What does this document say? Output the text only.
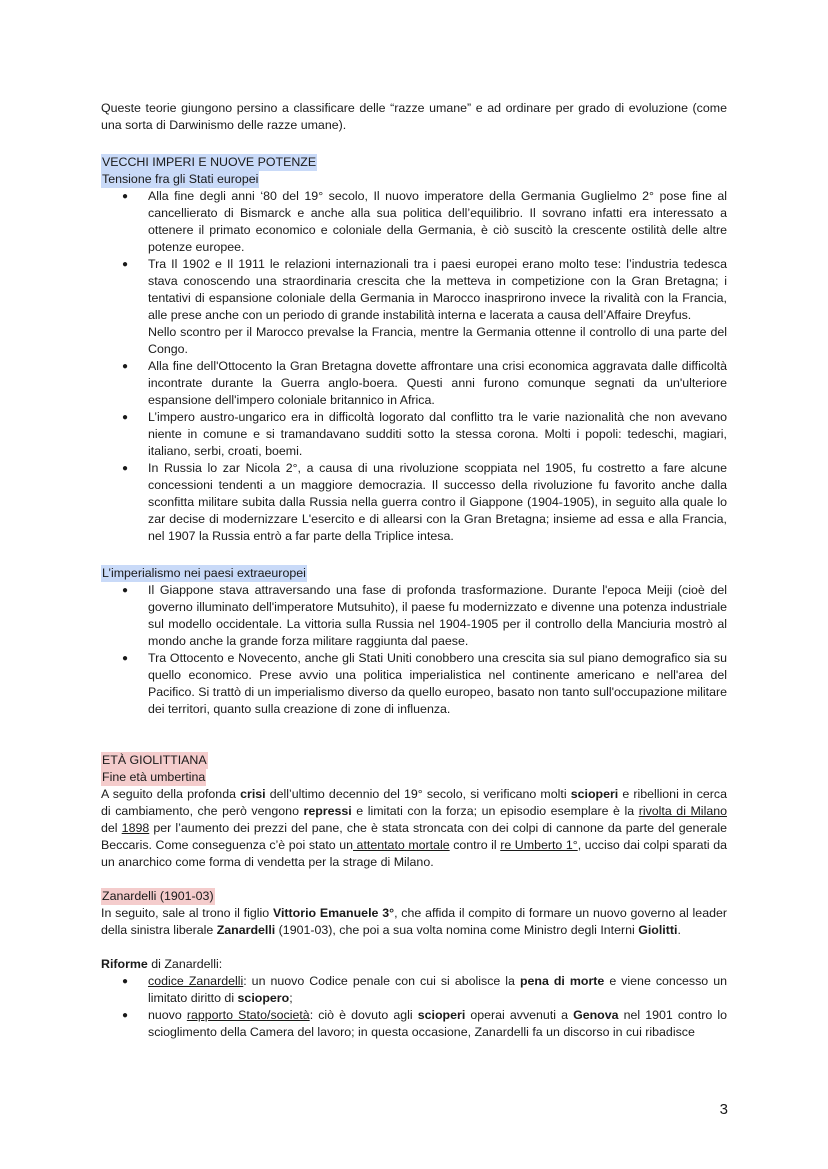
Queste teorie giungono persino a classificare delle “razze umane” e ad ordinare per grado di evoluzione (come una sorta di Darwinismo delle razze umane).

VECCHI IMPERI E NUOVE POTENZE
Tensione fra gli Stati europei
● Alla fine degli anni ‘80 del 19° secolo, Il nuovo imperatore della Germania Guglielmo 2° pose fine al cancellierato di Bismarck e anche alla sua politica dell’equilibrio. Il sovrano infatti era interessato a ottenere il primato economico e coloniale della Germania, è ciò suscitò la crescente ostilità delle altre potenze europee.
● Tra Il 1902 e Il 1911 le relazioni internazionali tra i paesi europei erano molto tese: l’industria tedesca stava conoscendo una straordinaria crescita che la metteva in competizione con la Gran Bretagna; i tentativi di espansione coloniale della Germania in Marocco inasprirono invece la rivalità con la Francia, alle prese anche con un periodo di grande instabilità interna e lacerata a causa dell’Affaire Dreyfus.
Nello scontro per il Marocco prevalse la Francia, mentre la Germania ottenne il controllo di una parte del Congo.
● Alla fine dell'Ottocento la Gran Bretagna dovette affrontare una crisi economica aggravata dalle difficoltà incontrate durante la Guerra anglo-boera. Questi anni furono comunque segnati da un'ulteriore espansione dell'impero coloniale britannico in Africa.
● L’impero austro-ungarico era in difficoltà logorato dal conflitto tra le varie nazionalità che non avevano niente in comune e si tramandavano sudditi sotto la stessa corona. Molti i popoli: tedeschi, magiari, italiano, serbi, croati, boemi.
● In Russia lo zar Nicola 2°, a causa di una rivoluzione scoppiata nel 1905, fu costretto a fare alcune concessioni tendenti a un maggiore democrazia. Il successo della rivoluzione fu favorito anche dalla sconfitta militare subita dalla Russia nella guerra contro il Giappone (1904-1905), in seguito alla quale lo zar decise di modernizzare L'esercito e di allearsi con la Gran Bretagna; insieme ad essa e alla Francia, nel 1907 la Russia entrò a far parte della Triplice intesa.
L’imperialismo nei paesi extraeuropei
● Il Giappone stava attraversando una fase di profonda trasformazione. Durante l'epoca Meiji (cioè del governo illuminato dell'imperatore Mutsuhito), il paese fu modernizzato e divenne una potenza industriale sul modello occidentale. La vittoria sulla Russia nel 1904-1905 per il controllo della Manciuria mostrò al mondo anche la grande forza militare raggiunta dal paese.
● Tra Ottocento e Novecento, anche gli Stati Uniti conobbero una crescita sia sul piano demografico sia su quello economico. Prese avvio una politica imperialistica nel continente americano e nell'area del Pacifico. Si trattò di un imperialismo diverso da quello europeo, basato non tanto sull'occupazione militare dei territori, quanto sulla creazione di zone di influenza.
ETÀ GIOLITTIANA
Fine età umbertina

A seguito della profonda crisi dell’ultimo decennio del 19° secolo, si verificano molti scioperi e ribellioni in cerca di cambiamento, che però vengono repressi e limitati con la forza; un episodio esemplare è la rivolta di Milano del 1898 per l’aumento dei prezzi del pane, che è stata stroncata con dei colpi di cannone da parte del generale Beccaris. Come conseguenza c’è poi stato un attentato mortale contro il re Umberto 1°, ucciso dai colpi sparati da un anarchico come forma di vendetta per la strage di Milano.

Zanardelli (1901-03)

In seguito, sale al trono il figlio Vittorio Emanuele 3°, che affida il compito di formare un nuovo governo al leader della sinistra liberale Zanardelli (1901-03), che poi a sua volta nomina come Ministro degli Interni Giolitti.

Riforme di Zanardelli:

● codice Zanardelli: un nuovo Codice penale con cui si abolisce la pena di morte e viene concesso un limitato diritto di sciopero;
● nuovo rapporto Stato/società: ciò è dovuto agli scioperi operai avvenuti a Genova nel 1901 contro lo scioglimento della Camera del lavoro; in questa occasione, Zanardelli fa un discorso in cui ribadisce
3
